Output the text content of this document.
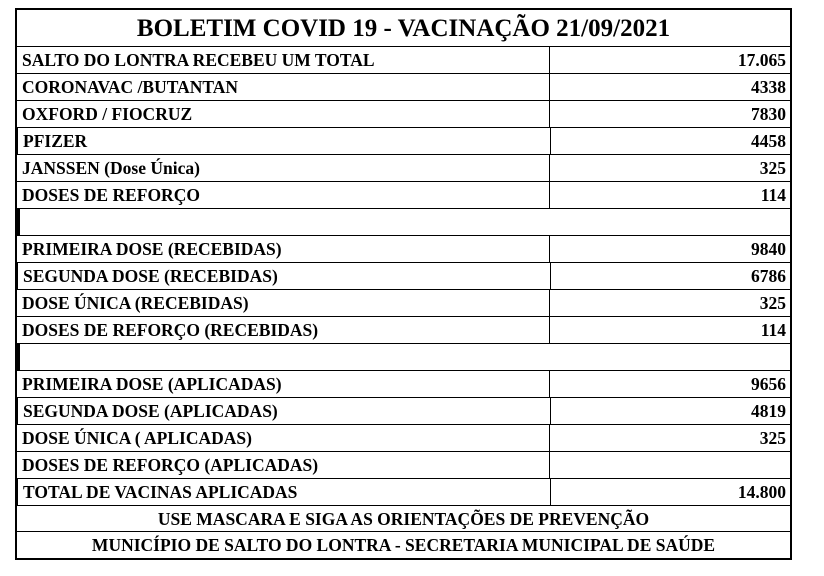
BOLETIM COVID 19 - VACINAÇÃO 21/09/2021
SALTO DO LONTRA RECEBEU UM TOTAL	17.065
CORONAVAC /BUTANTAN	4338
OXFORD / FIOCRUZ	7830
PFIZER	4458
JANSSEN (Dose Única)	325
DOSES DE REFORÇO	114
PRIMEIRA DOSE (RECEBIDAS)	9840
SEGUNDA DOSE (RECEBIDAS)	6786
DOSE ÚNICA (RECEBIDAS)	325
DOSES DE REFORÇO (RECEBIDAS)	114
PRIMEIRA DOSE (APLICADAS)	9656
SEGUNDA DOSE (APLICADAS)	4819
DOSE ÚNICA ( APLICADAS)	325
DOSES DE REFORÇO (APLICADAS)
TOTAL DE VACINAS APLICADAS	14.800
USE MASCARA E SIGA AS ORIENTAÇÕES DE PREVENÇÃO
MUNICÍPIO DE SALTO DO LONTRA - SECRETARIA MUNICIPAL DE SAÚDE
